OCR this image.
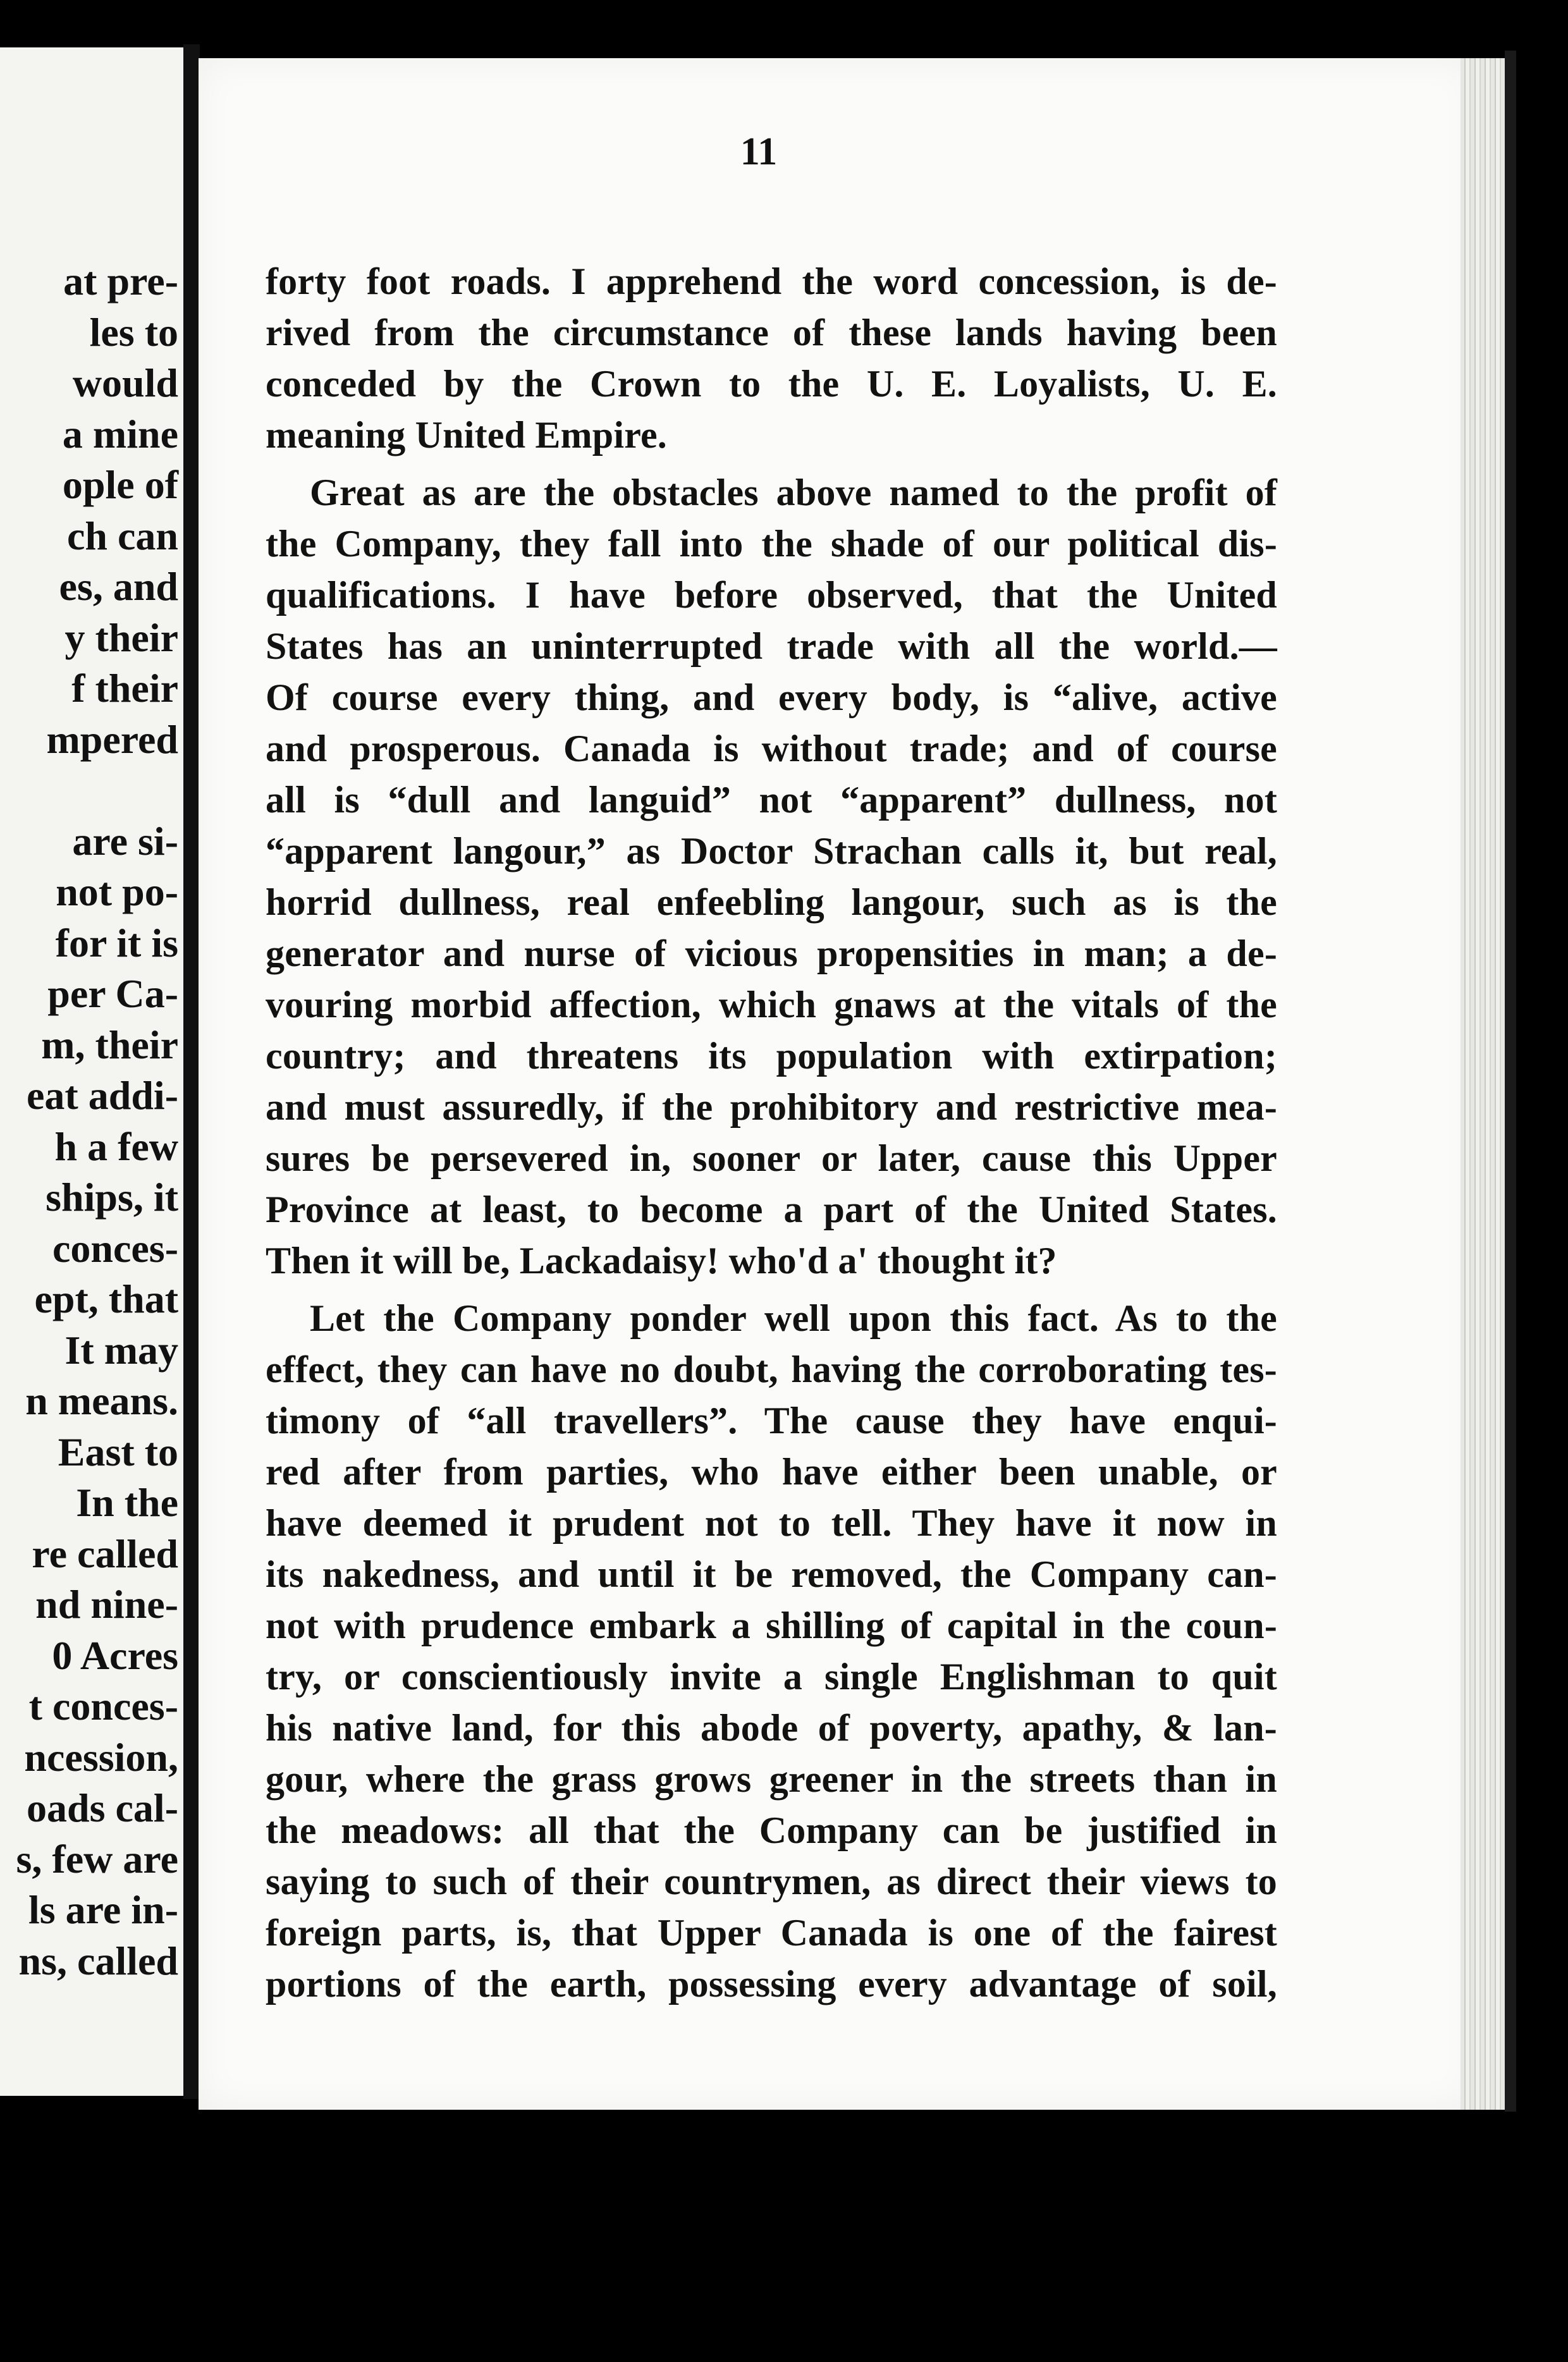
at pre-
les to
would
a mine
ople of
ch can
es, and
y their
f their
mpered
are si-
not po-
for it is
per Ca-
m, their
eat addi-
h a few
ships, it
conces-
ept, that
It may
n means.
East to
In the
re called
nd nine-
0 Acres
t conces-
ncession,
oads cal-
s, few are
ls are in-
ns, called
11
forty foot roads. I apprehend the word concession, is de-
rived from the circumstance of these lands having been
conceded by the Crown to the U. E. Loyalists, U. E.
meaning United Empire.
Great as are the obstacles above named to the profit of
the Company, they fall into the shade of our political dis-
qualifications. I have before observed, that the United
States has an uninterrupted trade with all the world.—
Of course every thing, and every body, is “alive, active
and prosperous. Canada is without trade; and of course
all is “dull and languid” not “apparent” dullness, not
“apparent langour,” as Doctor Strachan calls it, but real,
horrid dullness, real enfeebling langour, such as is the
generator and nurse of vicious propensities in man; a de-
vouring morbid affection, which gnaws at the vitals of the
country; and threatens its population with extirpation;
and must assuredly, if the prohibitory and restrictive mea-
sures be persevered in, sooner or later, cause this Upper
Province at least, to become a part of the United States.
Then it will be, Lackadaisy! who'd a' thought it?
Let the Company ponder well upon this fact. As to the
effect, they can have no doubt, having the corroborating tes-
timony of “all travellers”. The cause they have enqui-
red after from parties, who have either been unable, or
have deemed it prudent not to tell. They have it now in
its nakedness, and until it be removed, the Company can-
not with prudence embark a shilling of capital in the coun-
try, or conscientiously invite a single Englishman to quit
his native land, for this abode of poverty, apathy, & lan-
gour, where the grass grows greener in the streets than in
the meadows: all that the Company can be justified in
saying to such of their countrymen, as direct their views to
foreign parts, is, that Upper Canada is one of the fairest
portions of the earth, possessing every advantage of soil,
